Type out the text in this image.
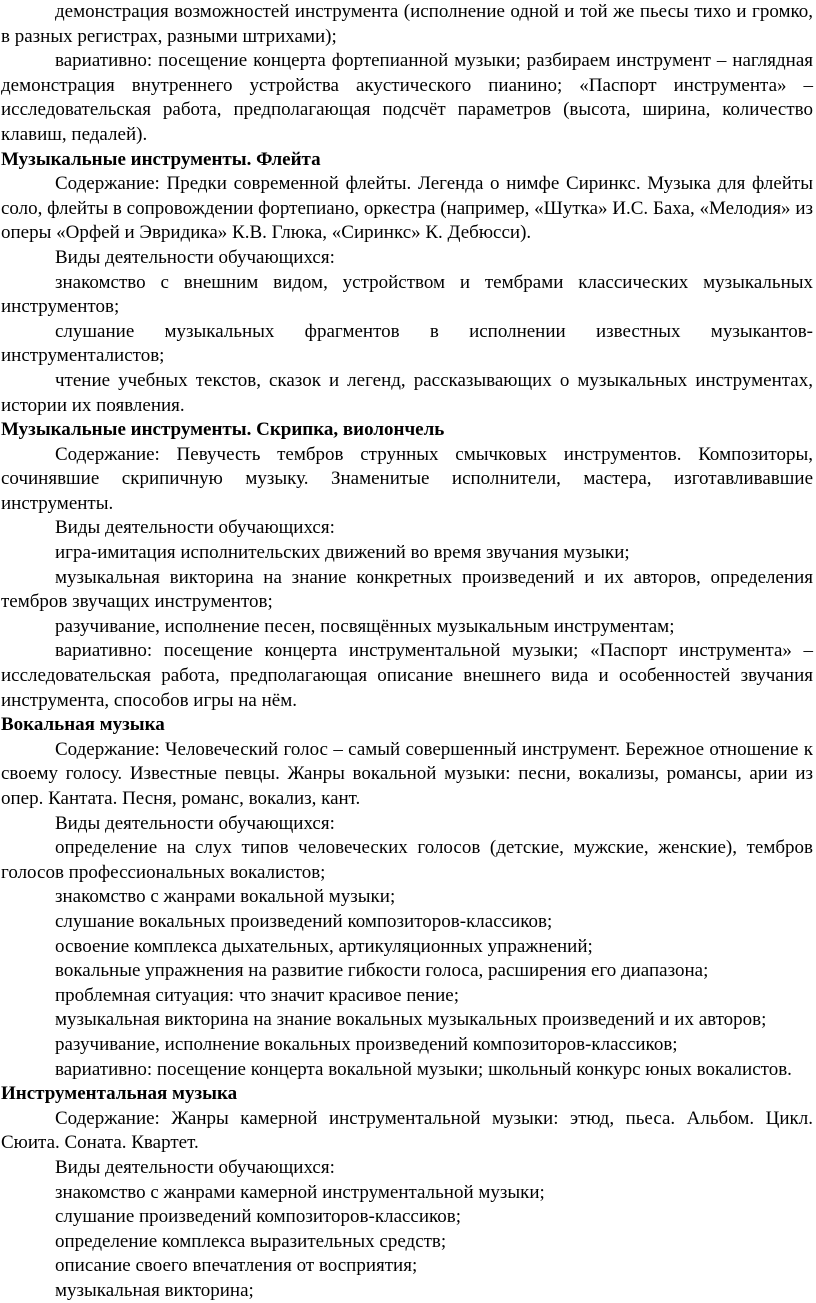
демонстрация возможностей инструмента (исполнение одной и той же пьесы тихо и громко, в разных регистрах, разными штрихами);

вариативно: посещение концерта фортепианной музыки; разбираем инструмент – наглядная демонстрация внутреннего устройства акустического пианино; «Паспорт инструмента» – исследовательская работа, предполагающая подсчёт параметров (высота, ширина, количество клавиш, педалей).

Музыкальные инструменты. Флейта

Содержание: Предки современной флейты. Легенда о нимфе Сиринкс. Музыка для флейты соло, флейты в сопровождении фортепиано, оркестра (например, «Шутка» И.С. Баха, «Мелодия» из оперы «Орфей и Эвридика» К.В. Глюка, «Сиринкс» К. Дебюсси).

Виды деятельности обучающихся:

знакомство с внешним видом, устройством и тембрами классических музыкальных инструментов;

слушание музыкальных фрагментов в исполнении известных музыкантов-инструменталистов;

чтение учебных текстов, сказок и легенд, рассказывающих о музыкальных инструментах, истории их появления.

Музыкальные инструменты. Скрипка, виолончель

Содержание: Певучесть тембров струнных смычковых инструментов. Композиторы, сочинявшие скрипичную музыку. Знаменитые исполнители, мастера, изготавливавшие инструменты.

Виды деятельности обучающихся:

игра-имитация исполнительских движений во время звучания музыки;

музыкальная викторина на знание конкретных произведений и их авторов, определения тембров звучащих инструментов;

разучивание, исполнение песен, посвящённых музыкальным инструментам;

вариативно: посещение концерта инструментальной музыки; «Паспорт инструмента» – исследовательская работа, предполагающая описание внешнего вида и особенностей звучания инструмента, способов игры на нём.

Вокальная музыка

Содержание: Человеческий голос – самый совершенный инструмент. Бережное отношение к своему голосу. Известные певцы. Жанры вокальной музыки: песни, вокализы, романсы, арии из опер. Кантата. Песня, романс, вокализ, кант.

Виды деятельности обучающихся:

определение на слух типов человеческих голосов (детские, мужские, женские), тембров голосов профессиональных вокалистов;

знакомство с жанрами вокальной музыки;

слушание вокальных произведений композиторов-классиков;

освоение комплекса дыхательных, артикуляционных упражнений;

вокальные упражнения на развитие гибкости голоса, расширения его диапазона;

проблемная ситуация: что значит красивое пение;

музыкальная викторина на знание вокальных музыкальных произведений и их авторов;

разучивание, исполнение вокальных произведений композиторов-классиков;

вариативно: посещение концерта вокальной музыки; школьный конкурс юных вокалистов.

Инструментальная музыка

Содержание: Жанры камерной инструментальной музыки: этюд, пьеса. Альбом. Цикл. Сюита. Соната. Квартет.

Виды деятельности обучающихся:

знакомство с жанрами камерной инструментальной музыки;

слушание произведений композиторов-классиков;

определение комплекса выразительных средств;

описание своего впечатления от восприятия;

музыкальная викторина;
